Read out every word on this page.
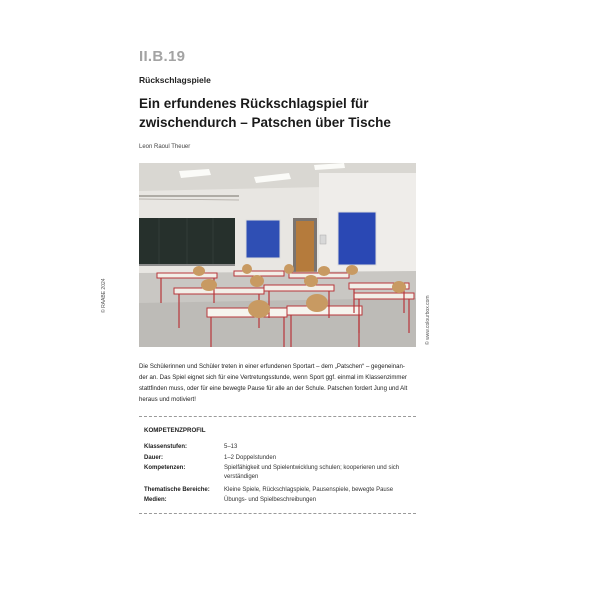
II.B.19
Rückschlagspiele
Ein erfundenes Rückschlagspiel für
zwischendurch – Patschen über Tische
Leon Raoul Theuer
© RAABE 2024	© www.colourbox.com
Die Schülerinnen und Schüler treten in einer erfundenen Sportart – dem „Patschen“ – gegeneinan-
der an. Das Spiel eignet sich für eine Vertretungsstunde, wenn Sport ggf. einmal im Klassenzimmer
stattfinden muss, oder für eine bewegte Pause für alle an der Schule. Patschen fordert Jung und Alt
heraus und motiviert!
KOMPETENZPROFIL
Klassenstufen:	5–13
Dauer:	1–2 Doppelstunden
Kompetenzen:	Spielfähigkeit und Spielentwicklung schulen; kooperieren und sich verständigen
Thematische Bereiche: Kleine Spiele, Rückschlagspiele, Pausenspiele, bewegte Pause
Medien:	Übungs- und Spielbeschreibungen
